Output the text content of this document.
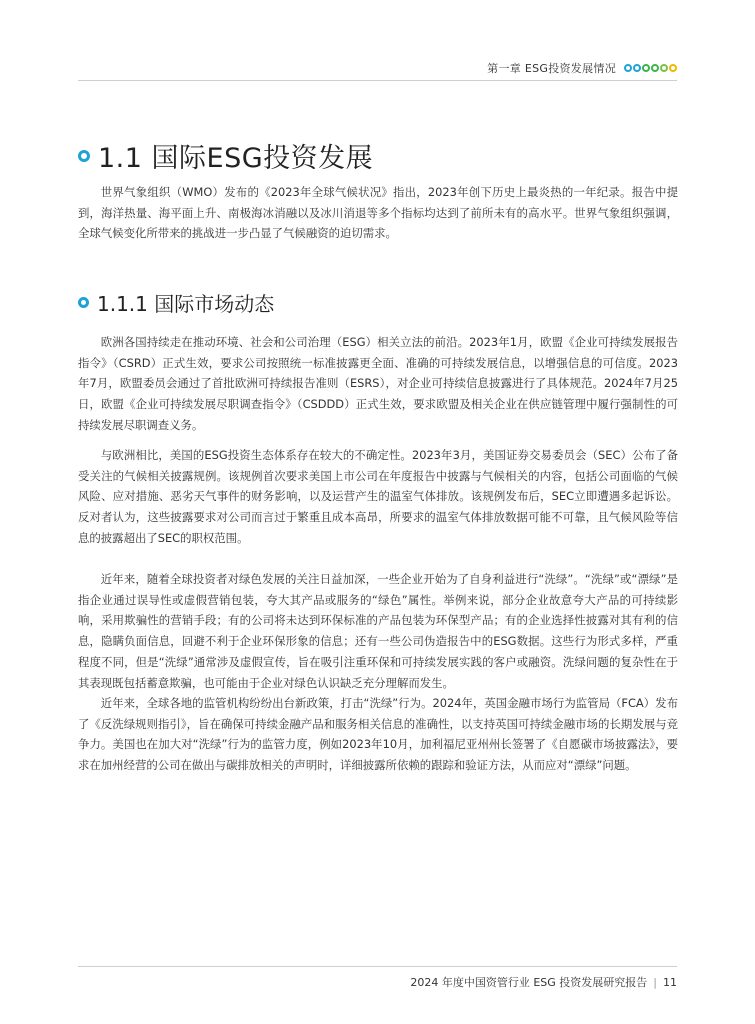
第一章 ESG投资发展情况
1.1 国际ESG投资发展

世界气象组织（WMO）发布的《2023年全球气候状况》指出，2023年创下历史上最炎热的一年纪录。报告中提到，海洋热量、海平面上升、南极海冰消融以及冰川消退等多个指标均达到了前所未有的高水平。世界气象组织强调，全球气候变化所带来的挑战进一步凸显了气候融资的迫切需求。

1.1.1 国际市场动态

欧洲各国持续走在推动环境、社会和公司治理（ESG）相关立法的前沿。2023年1月，欧盟《企业可持续发展报告指令》（CSRD）正式生效，要求公司按照统一标准披露更全面、准确的可持续发展信息，以增强信息的可信度。2023年7月，欧盟委员会通过了首批欧洲可持续报告准则（ESRS），对企业可持续信息披露进行了具体规范。2024年7月25日，欧盟《企业可持续发展尽职调查指令》（CSDDD）正式生效，要求欧盟及相关企业在供应链管理中履行强制性的可持续发展尽职调查义务。

与欧洲相比，美国的ESG投资生态体系存在较大的不确定性。2023年3月，美国证券交易委员会（SEC）公布了备受关注的气候相关披露规例。该规例首次要求美国上市公司在年度报告中披露与气候相关的内容，包括公司面临的气候风险、应对措施、恶劣天气事件的财务影响，以及运营产生的温室气体排放。该规例发布后，SEC立即遭遇多起诉讼。反对者认为，这些披露要求对公司而言过于繁重且成本高昂，所要求的温室气体排放数据可能不可靠，且气候风险等信息的披露超出了SEC的职权范围。

近年来，随着全球投资者对绿色发展的关注日益加深，一些企业开始为了自身利益进行“洗绿”。“洗绿”或“漂绿”是指企业通过误导性或虚假营销包装，夸大其产品或服务的“绿色”属性。举例来说，部分企业故意夸大产品的可持续影响，采用欺骗性的营销手段；有的公司将未达到环保标准的产品包装为环保型产品；有的企业选择性披露对其有利的信息，隐瞒负面信息，回避不利于企业环保形象的信息；还有一些公司伪造报告中的ESG数据。这些行为形式多样，严重程度不同，但是“洗绿”通常涉及虚假宣传，旨在吸引注重环保和可持续发展实践的客户或融资。洗绿问题的复杂性在于其表现既包括蓄意欺骗，也可能由于企业对绿色认识缺乏充分理解而发生。

近年来，全球各地的监管机构纷纷出台新政策，打击“洗绿”行为。2024年，英国金融市场行为监管局（FCA）发布了《反洗绿规则指引》，旨在确保可持续金融产品和服务相关信息的准确性，以支持英国可持续金融市场的长期发展与竞争力。美国也在加大对“洗绿”行为的监管力度，例如2023年10月，加利福尼亚州州长签署了《自愿碳市场披露法》，要求在加州经营的公司在做出与碳排放相关的声明时，详细披露所依赖的跟踪和验证方法，从而应对“漂绿”问题。

2024 年度中国资管行业 ESG 投资发展研究报告 | 11
